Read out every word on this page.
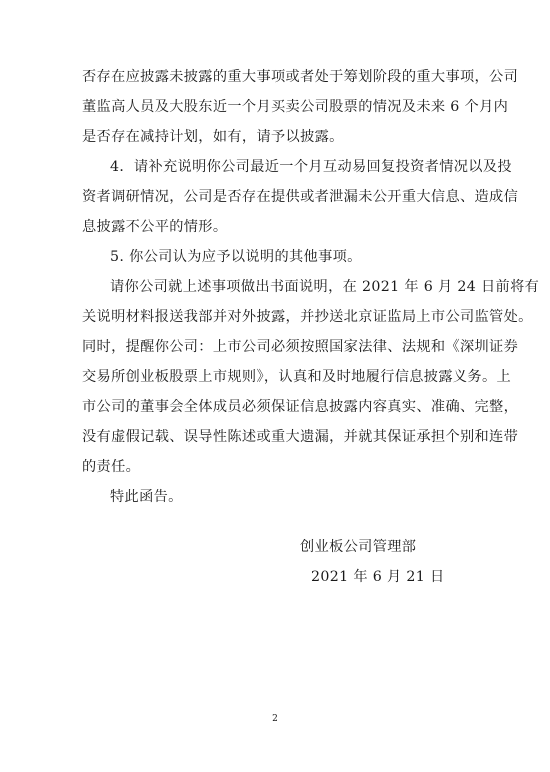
否存在应披露未披露的重大事项或者处于筹划阶段的重大事项，公司
董监高人员及大股东近一个月买卖公司股票的情况及未来 6 个月内
是否存在减持计划，如有，请予以披露。
4．请补充说明你公司最近一个月互动易回复投资者情况以及投
资者调研情况，公司是否存在提供或者泄漏未公开重大信息、造成信
息披露不公平的情形。
5. 你公司认为应予以说明的其他事项。
请你公司就上述事项做出书面说明，在 2021 年 6 月 24 日前将有
关说明材料报送我部并对外披露，并抄送北京证监局上市公司监管处。
同时，提醒你公司：上市公司必须按照国家法律、法规和《深圳证券
交易所创业板股票上市规则》，认真和及时地履行信息披露义务。上
市公司的董事会全体成员必须保证信息披露内容真实、准确、完整，
没有虚假记载、误导性陈述或重大遗漏，并就其保证承担个别和连带
的责任。
特此函告。
创业板公司管理部
2021 年 6 月 21 日
2
